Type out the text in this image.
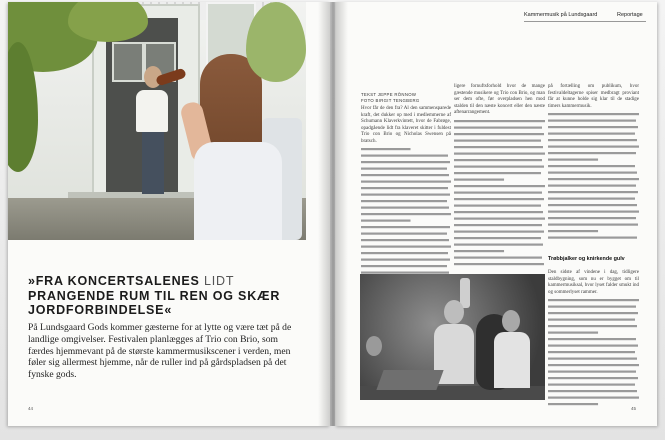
»FRA KONCERTSALENES LIDT PRANGENDE RUM TIL REN OG SKÆR JORDFORBINDELSE«
På Lundsgaard Gods kommer gæsterne for at lytte og være tæt på de landlige omgivelser. Festivalen planlægges af Trio con Brio, som færdes hjemmevant på de største kammermusikscener i verden, men føler sig allermest hjemme, når de ruller ind på gårdspladsen på det fynske gods.
44
Kammermusik på Lundsgaard	Reportage
TEKST JEPPE RÖNNOW
FOTO BIRGIT TENGBERG
Hvor får de den fra? Al den sammensparede kraft, det dukker op med i medlemmerne af Schumann Klaverkvintett, hvor de Fabrøge, opadgående lidt fra klaveret skitter i fuldest Trio con Brio og Nicholas Swensen på bratsch.
ligere fornuftsforhold hvor de mange gæstende musikere og Trio con Brio, og man ser dem ofte, før overpladsen hen mod stalden til den næste koncert eller den næste aftenarrangement.
på fortælling om publikum, hvor festivaldeltagerne spiser medbragt proviant får at kunne holde sig klar til de stadige timers kammermusik.
Trøbbjalker og knirkende gulv
Den sidste af vindene i dag, tidligere staldbygning, som nu er bygget om til kammermusiksal, hvor lyset falder smukt ind og sommerlyset rammer.
45
